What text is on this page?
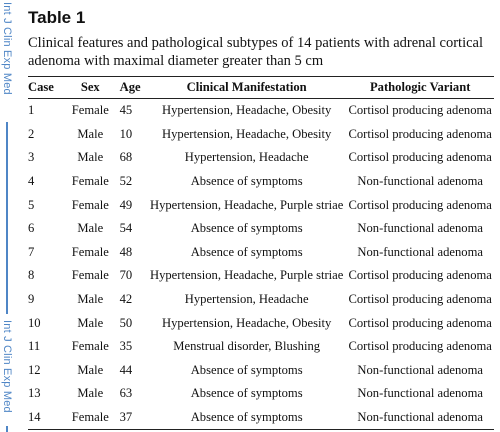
Int J Clin Exp Med
Int J Clin Exp Med
Table 1
Clinical features and pathological subtypes of 14 patients with adrenal cortical adenoma with maximal diameter greater than 5 cm
Case	Sex	Age	Clinical Manifestation	Pathologic Variant
1	Female	45	Hypertension, Headache, Obesity	Cortisol producing adenoma
2	Male	10	Hypertension, Headache, Obesity	Cortisol producing adenoma
3	Male	68	Hypertension, Headache	Cortisol producing adenoma
4	Female	52	Absence of symptoms	Non-functional adenoma
5	Female	49	Hypertension, Headache, Purple striae	Cortisol producing adenoma
6	Male	54	Absence of symptoms	Non-functional adenoma
7	Female	48	Absence of symptoms	Non-functional adenoma
8	Female	70	Hypertension, Headache, Purple striae	Cortisol producing adenoma
9	Male	42	Hypertension, Headache	Cortisol producing adenoma
10	Male	50	Hypertension, Headache, Obesity	Cortisol producing adenoma
11	Female	35	Menstrual disorder, Blushing	Cortisol producing adenoma
12	Male	44	Absence of symptoms	Non-functional adenoma
13	Male	63	Absence of symptoms	Non-functional adenoma
14	Female	37	Absence of symptoms	Non-functional adenoma
